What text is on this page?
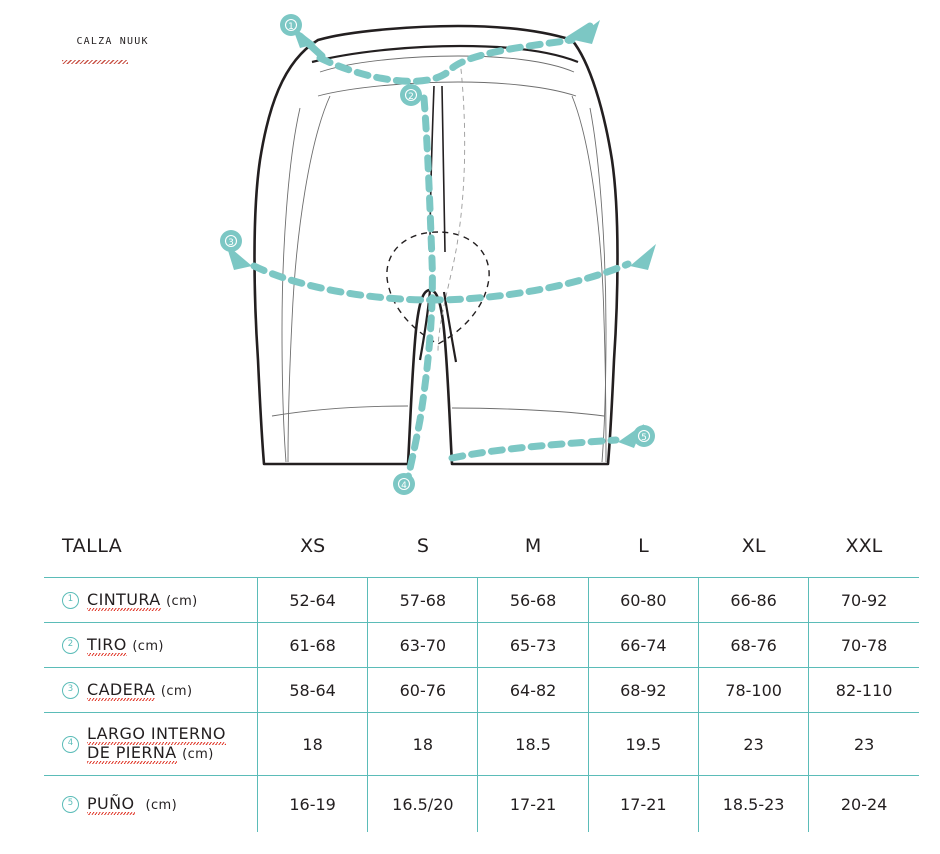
CALZA NUUK

1
2
3
4
5
TALLA	XS	S	M	L	XL	XXL

1 CINTURA (cm)	52-64	57-68	56-68	60-80	66-86	70-92

2 TIRO (cm)	61-68	63-70	65-73	66-74	68-76	70-78

3 CADERA (cm)	58-64	60-76	64-82	68-92	78-100	82-110

4 LARGO INTERNO DE PIERNA (cm)	18	18	18.5	19.5	23	23

5 PUÑO (cm)	16-19	16.5/20	17-21	17-21	18.5-23	20-24
